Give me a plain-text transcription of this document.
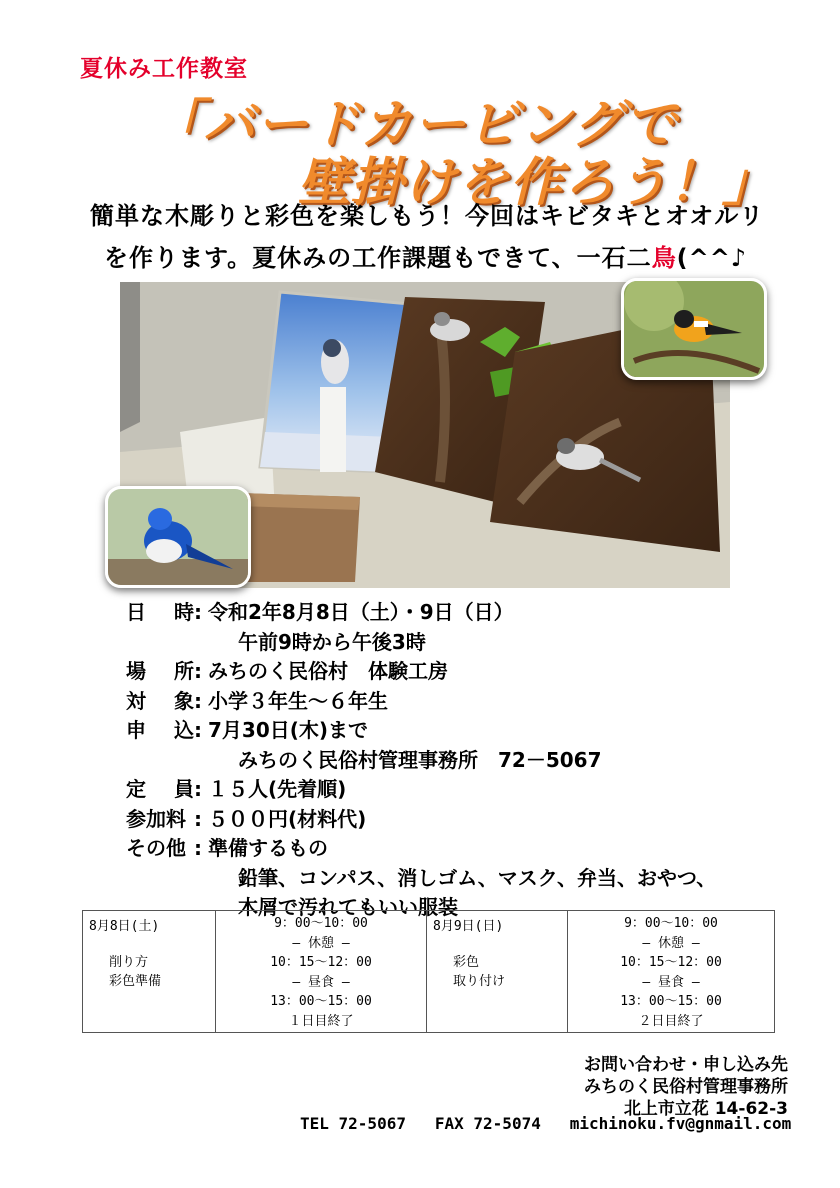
夏休み工作教室
「バードカービングで
壁掛けを作ろう！」
簡単な木彫りと彩色を楽しもう！今回はキビタキとオオルリ
を作ります。夏休みの工作課題もできて、一石二鳥(^^♪
日 時 : 令和2年8月8日（土）・9日（日）
午前9時から午後3時
場 所 : みちのく民俗村　体験工房
対 象 : 小学３年生～６年生
申 込 : 7月30日(木)まで
みちのく民俗村管理事務所　72－5067
定 員 : １５人(先着順)
参加料 : ５００円(材料代)
その他 : 準備するもの
鉛筆、コンパス、消しゴム、マスク、弁当、おやつ、
木屑で汚れてもいい服装
8月8日(土)
削り方
彩色準備

9：00～10：00
― 休憩 ―
10：15～12：00
― 昼食 ―
13：00～15：00
１日目終了

8月9日(日)
彩色
取り付け

9：00～10：00
― 休憩 ―
10：15～12：00
― 昼食 ―
13：00～15：00
２日目終了
お問い合わせ・申し込み先
みちのく民俗村管理事務所
北上市立花 14-62-3
TEL 72-5067 FAX 72-5074 michinoku.fv@gnmail.com
